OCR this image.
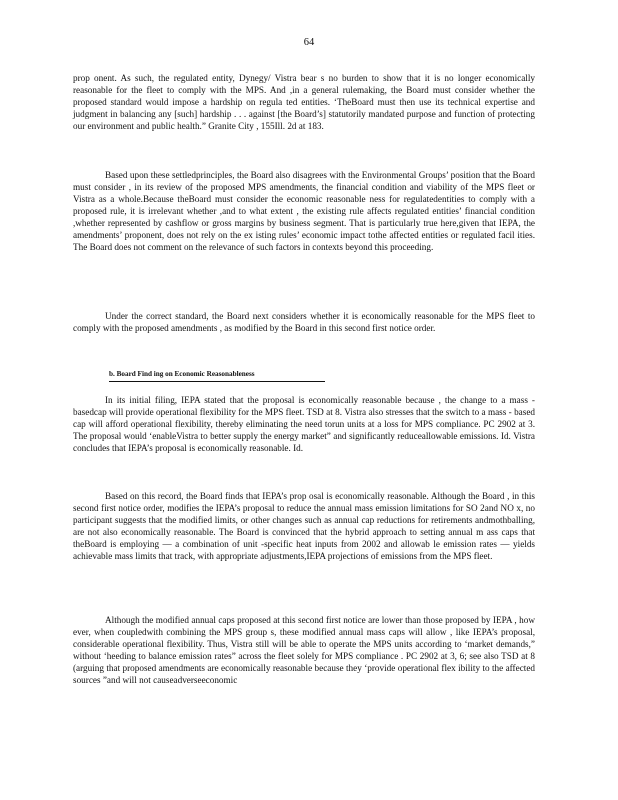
64

prop onent. As such, the regulated entity, Dynegy/ Vistra bear s no burden to show that it is no longer economically reasonable for the fleet to comply with the MPS. And ,in a general rulemaking, the Board must consider whether the proposed standard would impose a hardship on regula ted entities. ‘TheBoard must then use its technical expertise and judgment in balancing any [such] hardship . . . against [the Board’s] statutorily mandated purpose and function of protecting our environment and public health.” Granite City , 155Ill. 2d at 183.

Based upon these settledprinciples, the Board also disagrees with the Environmental Groups’ position that the Board must consider , in its review of the proposed MPS amendments, the financial condition and viability of the MPS fleet or Vistra as a whole.Because theBoard must consider the economic reasonable ness for regulatedentities to comply with a proposed rule, it is irrelevant whether ,and to what extent , the existing rule affects regulated entities’ financial condition ,whether represented by cashflow or gross margins by business segment. That is particularly true here,given that IEPA, the amendments’ proponent, does not rely on the ex isting rules’ economic impact tothe affected entities or regulated facil ities. The Board does not comment on the relevance of such factors in contexts beyond this proceeding.

Under the correct standard, the Board next considers whether it is economically reasonable for the MPS fleet to comply with the proposed amendments , as modified by the Board in this second first notice order.

b. Board Find ing on Economic Reasonableness

In its initial filing, IEPA stated that the proposal is economically reasonable because , the change to a mass -basedcap will provide operational flexibility for the MPS fleet. TSD at 8. Vistra also stresses that the switch to a mass - based cap will afford operational flexibility, thereby eliminating the need torun units at a loss for MPS compliance. PC 2902 at 3. The proposal would ‘enableVistra to better supply the energy market” and significantly reduceallowable emissions. Id. Vistra concludes that IEPA’s proposal is economically reasonable. Id.

Based on this record, the Board finds that IEPA’s prop osal is economically reasonable. Although the Board , in this second first notice order, modifies the IEPA’s proposal to reduce the annual mass emission limitations for SO 2and NO x, no participant suggests that the modified limits, or other changes such as annual cap reductions for retirements andmothballing, are not also economically reasonable. The Board is convinced that the hybrid approach to setting annual m ass caps that theBoard is employing — a combination of unit -specific heat inputs from 2002 and allowab le emission rates — yields achievable mass limits that track, with appropriate adjustments,IEPA projections of emissions from the MPS fleet.

Although the modified annual caps proposed at this second first notice are lower than those proposed by IEPA , how ever, when coupledwith combining the MPS group s, these modified annual mass caps will allow , like IEPA’s proposal, considerable operational flexibility. Thus, Vistra still will be able to operate the MPS units according to ‘market demands,” without ‘heeding to balance emission rates” across the fleet solely for MPS compliance . PC 2902 at 3, 6; see also TSD at 8 (arguing that proposed amendments are economically reasonable because they ‘provide operational flex ibility to the affected sources ”and will not causeadverseeconomic
